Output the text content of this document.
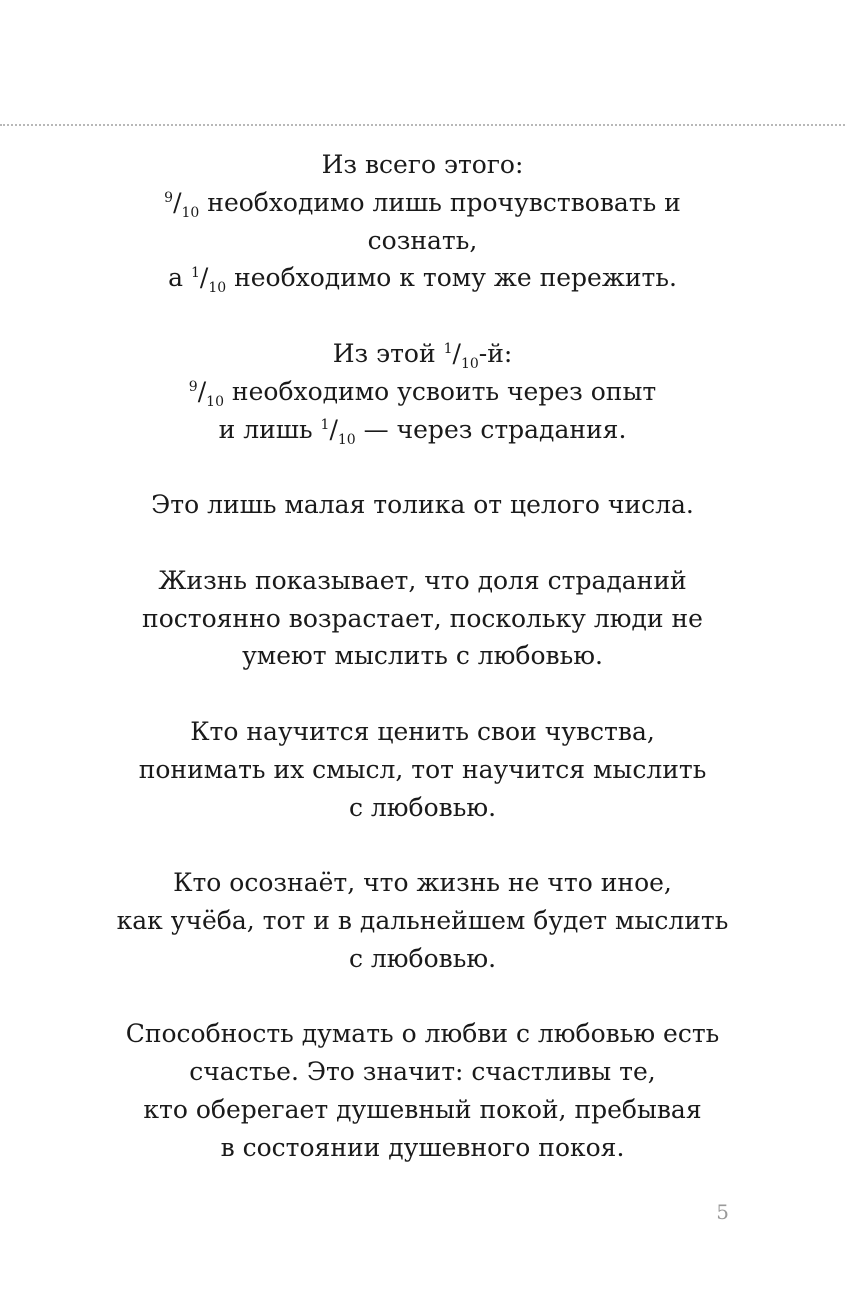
Из всего этого:
$^9/_{10}$ необходимо лишь прочувствовать и
сознать,
а $^1/_{10}$ необходимо к тому же пережить.
Из этой $^1/_{10}-й$:
$^9/_{10}$ необходимо усвоить через опыт
и лишь $^1/_{10}$ — через страдания.
Это лишь малая толика от целого числа.
Жизнь показывает, что доля страданий
постоянно возрастает, поскольку люди не
умеют мыслить с любовью.
Кто научится ценить свои чувства,
понимать их смысл, тот научится мыслить
с любовью.
Кто осознаёт, что жизнь не что иное,
как учёба, тот и в дальнейшем будет мыслить
с любовью.
Способность думать о любви с любовью есть
счастье. Это значит: счастливы те,
кто оберегает душевный покой, пребывая
в состоянии душевного покоя.
5
